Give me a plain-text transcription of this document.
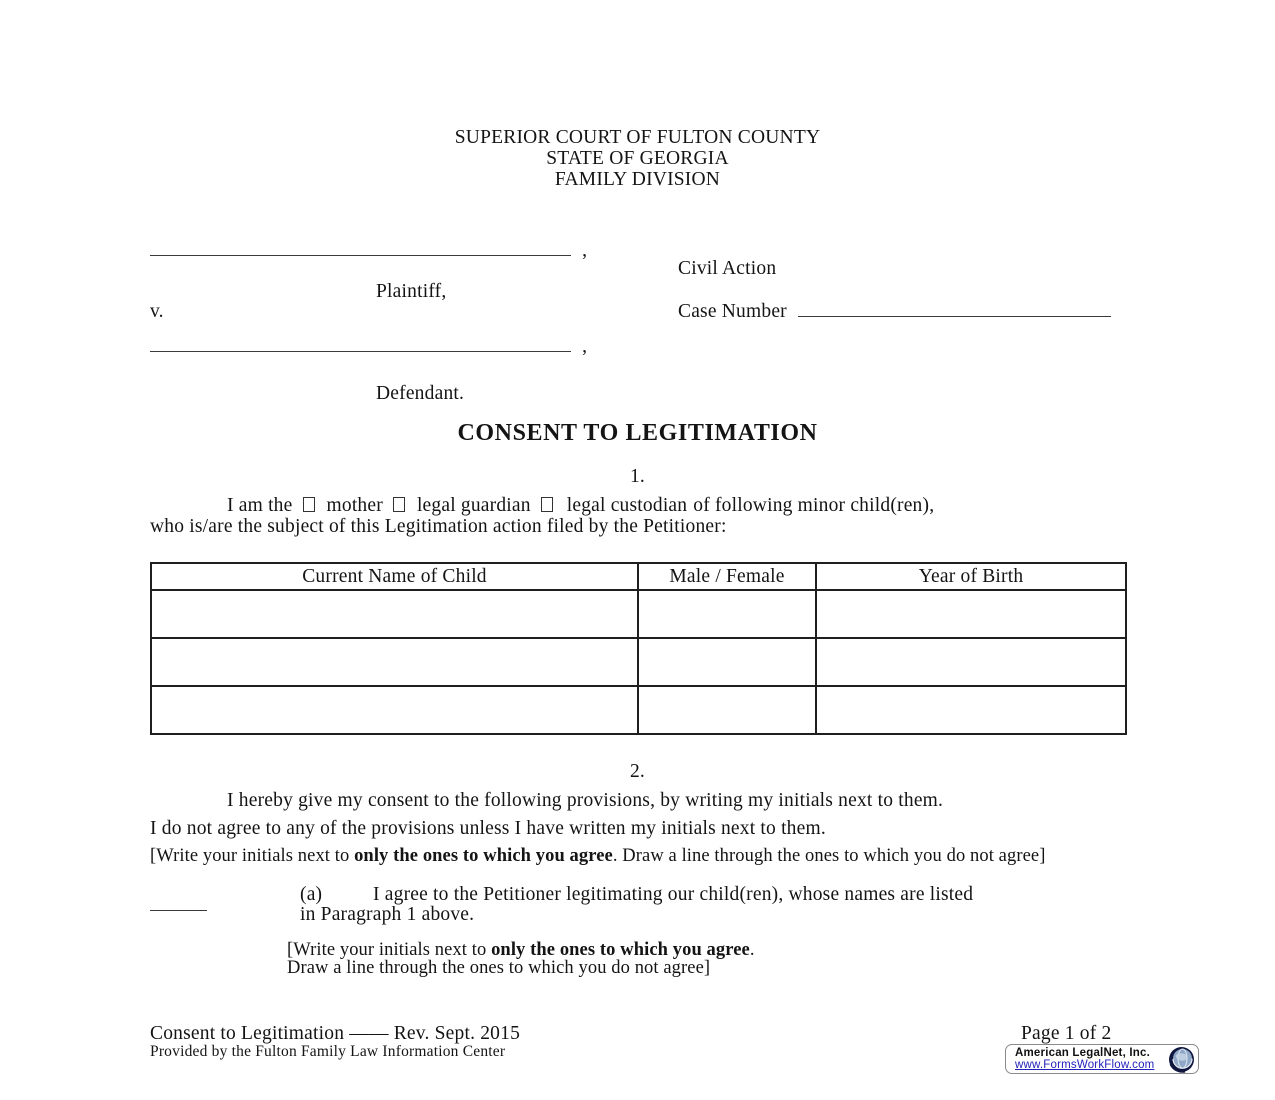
SUPERIOR COURT OF FULTON COUNTY
STATE OF GEORGIA
FAMILY DIVISION
,
Civil Action
Plaintiff,
v.	Case Number
,
Defendant.
CONSENT TO LEGITIMATION
1.
I am the mother legal guardian legal custodian of following minor child(ren),
who is/are the subject of this Legitimation action filed by the Petitioner:
Current Name of Child	Male / Female	Year of Birth

2.
I hereby give my consent to the following provisions, by writing my initials next to them.
I do not agree to any of the provisions unless I have written my initials next to them.
[Write your initials next to only the ones to which you agree. Draw a line through the ones to which you do not agree]
(a)	I agree to the Petitioner legitimating our child(ren), whose names are listed
in Paragraph 1 above.
[Write your initials next to only the ones to which you agree.
Draw a line through the ones to which you do not agree]
Consent to Legitimation —— Rev. Sept. 2015
Provided by the Fulton Family Law Information Center
Page 1 of 2
American LegalNet, Inc.
www.FormsWorkFlow.com
